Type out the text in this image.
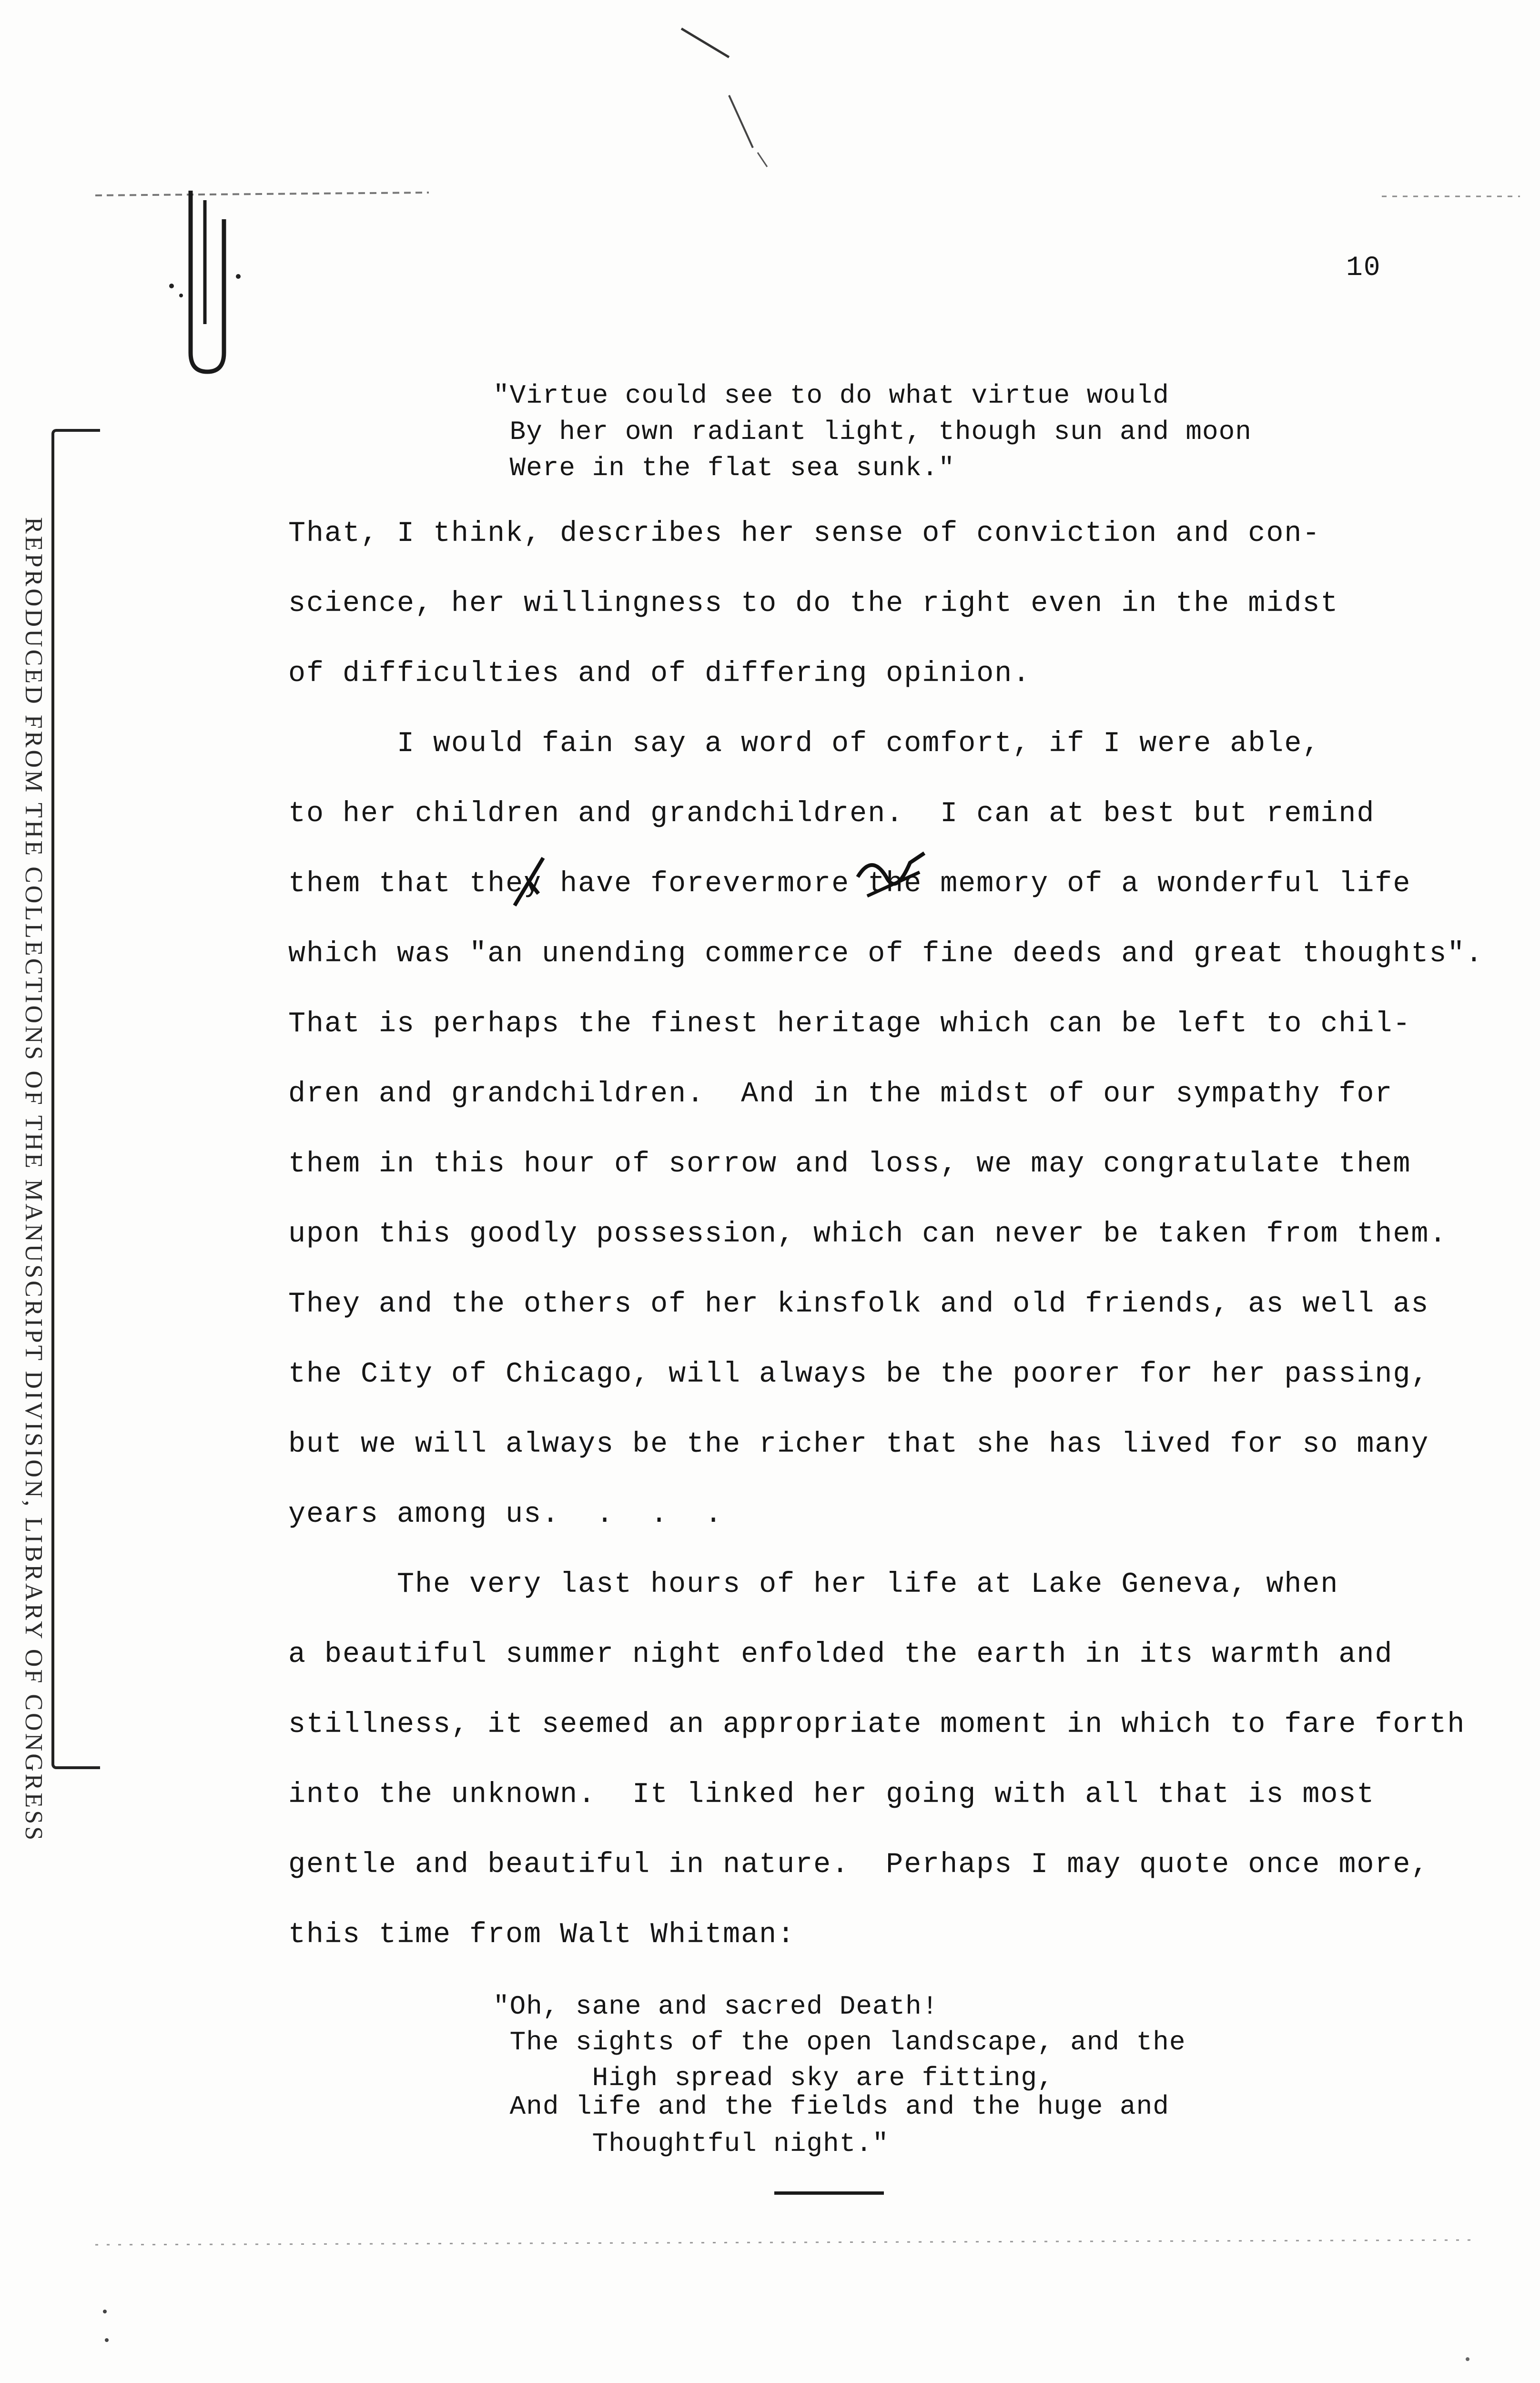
10
REPRODUCED FROM THE COLLECTIONS OF THE MANUSCRIPT DIVISION, LIBRARY OF CONGRESS
"Virtue could see to do what virtue would
By her own radiant light, though sun and moon
Were in the flat sea sunk."
That, I think, describes her sense of conviction and con-
science, her willingness to do the right even in the midst
of difficulties and of differing opinion.
I would fain say a word of comfort, if I were able,
to her children and grandchildren.  I can at best but remind
them that they have forevermore the memory of a wonderful life
which was "an unending commerce of fine deeds and great thoughts".
That is perhaps the finest heritage which can be left to chil-
dren and grandchildren.  And in the midst of our sympathy for
them in this hour of sorrow and loss, we may congratulate them
upon this goodly possession, which can never be taken from them.
They and the others of her kinsfolk and old friends, as well as
the City of Chicago, will always be the poorer for her passing,
but we will always be the richer that she has lived for so many
years among us.  .  .  .
The very last hours of her life at Lake Geneva, when
a beautiful summer night enfolded the earth in its warmth and
stillness, it seemed an appropriate moment in which to fare forth
into the unknown.  It linked her going with all that is most
gentle and beautiful in nature.  Perhaps I may quote once more,
this time from Walt Whitman:
"Oh, sane and sacred Death!
The sights of the open landscape, and the
High spread sky are fitting,
And life and the fields and the huge and
Thoughtful night."
